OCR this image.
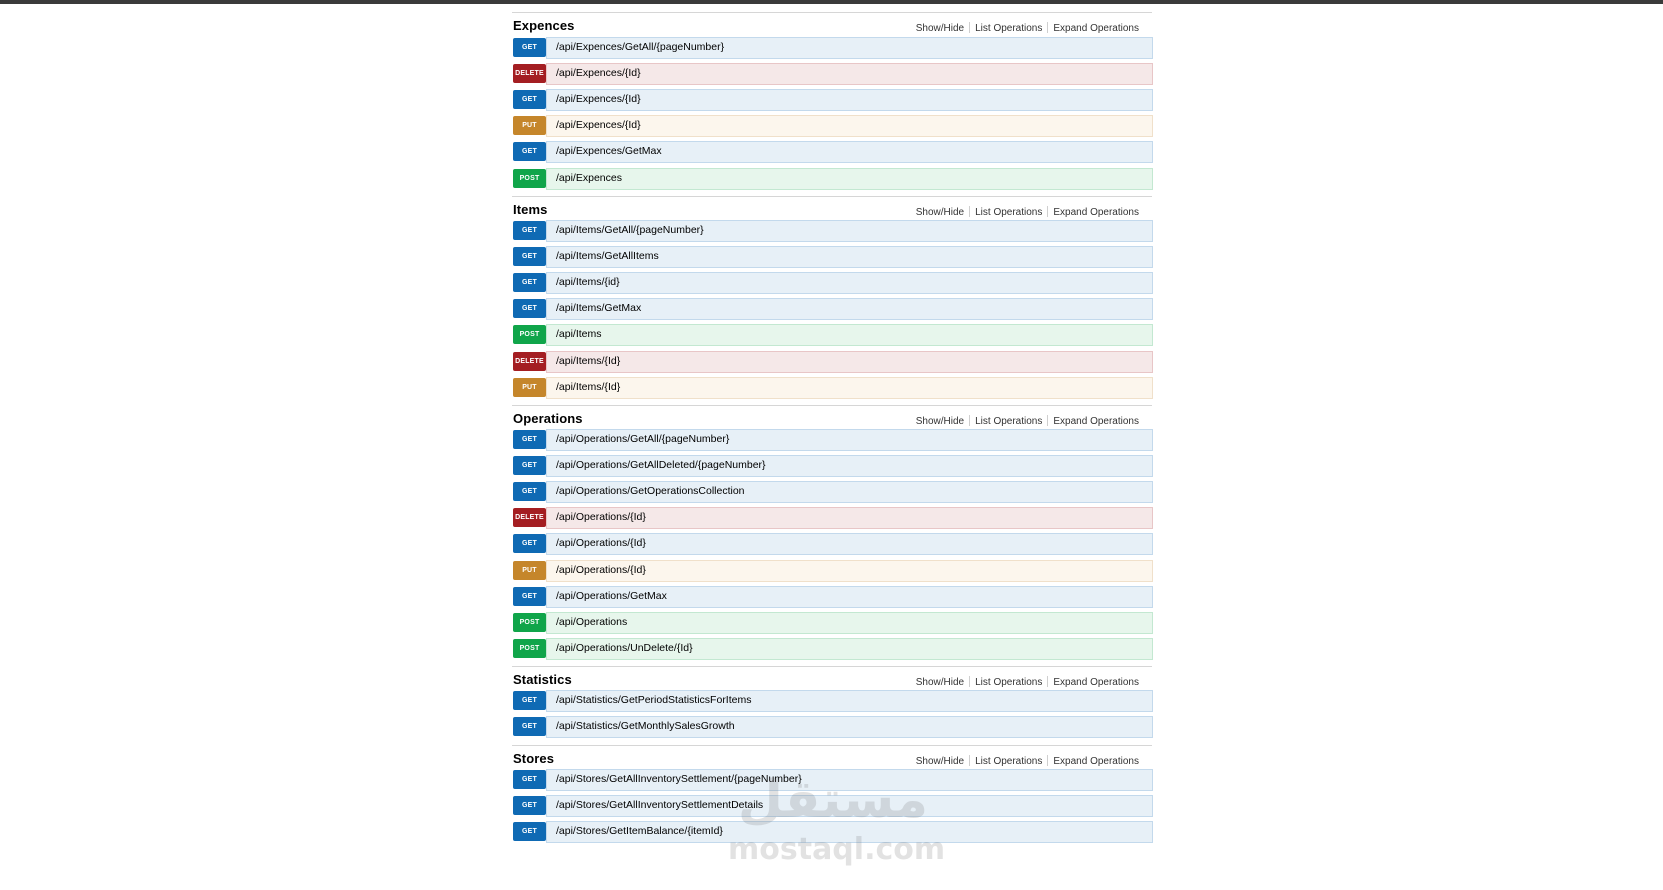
Expences	Show/Hide List Operations Expand Operations
GET	/api/Expences/GetAll/{pageNumber}
DELETE /api/Expences/{Id}
GET	/api/Expences/{Id}
PUT	/api/Expences/{Id}
GET	/api/Expences/GetMax
POST	/api/Expences
Items	Show/Hide List Operations Expand Operations
GET	/api/Items/GetAll/{pageNumber}
GET	/api/Items/GetAllItems
GET	/api/Items/{id}
GET	/api/Items/GetMax
POST	/api/Items
DELETE /api/Items/{Id}
PUT	/api/Items/{Id}
Operations	Show/Hide List Operations Expand Operations
GET	/api/Operations/GetAll/{pageNumber}
GET	/api/Operations/GetAllDeleted/{pageNumber}
GET	/api/Operations/GetOperationsCollection
DELETE /api/Operations/{Id}
GET	/api/Operations/{Id}
PUT	/api/Operations/{Id}
GET	/api/Operations/GetMax
POST	/api/Operations
POST	/api/Operations/UnDelete/{Id}
Statistics	Show/Hide List Operations Expand Operations
GET	/api/Statistics/GetPeriodStatisticsForItems
GET	/api/Statistics/GetMonthlySalesGrowth
Stores	Show/Hide List Operations Expand Operations
GET	/api/Stores/GetAllInventorySettlement/{pageNumber}
GET	/api/Stores/GetAllInventorySettlementDetails
GET	/api/Stores/GetItemBalance/{itemId}
mostaql.com
